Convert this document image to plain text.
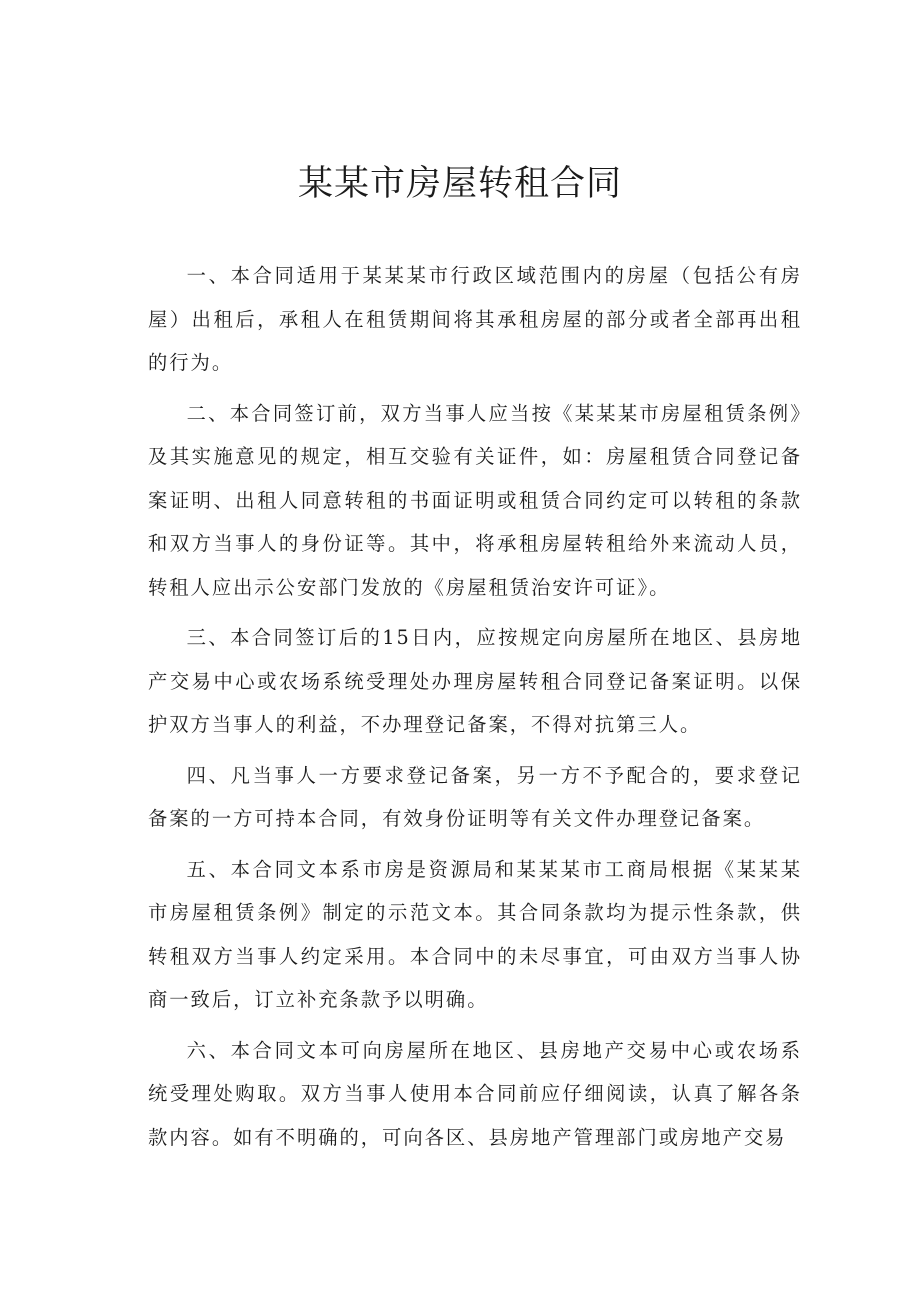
某某市房屋转租合同

一、本合同适用于某某某市行政区域范围内的房屋（包括公有房屋）出租后，承租人在租赁期间将其承租房屋的部分或者全部再出租的行为。

二、本合同签订前，双方当事人应当按《某某某市房屋租赁条例》及其实施意见的规定，相互交验有关证件，如：房屋租赁合同登记备案证明、出租人同意转租的书面证明或租赁合同约定可以转租的条款和双方当事人的身份证等。其中，将承租房屋转租给外来流动人员，转租人应出示公安部门发放的《房屋租赁治安许可证》。

三、本合同签订后的15日内，应按规定向房屋所在地区、县房地产交易中心或农场系统受理处办理房屋转租合同登记备案证明。以保护双方当事人的利益，不办理登记备案，不得对抗第三人。

四、凡当事人一方要求登记备案，另一方不予配合的，要求登记备案的一方可持本合同，有效身份证明等有关文件办理登记备案。

五、本合同文本系市房是资源局和某某某市工商局根据《某某某市房屋租赁条例》制定的示范文本。其合同条款均为提示性条款，供转租双方当事人约定采用。本合同中的未尽事宜，可由双方当事人协商一致后，订立补充条款予以明确。

六、本合同文本可向房屋所在地区、县房地产交易中心或农场系统受理处购取。双方当事人使用本合同前应仔细阅读，认真了解各条款内容。如有不明确的，可向各区、县房地产管理部门或房地产交易
